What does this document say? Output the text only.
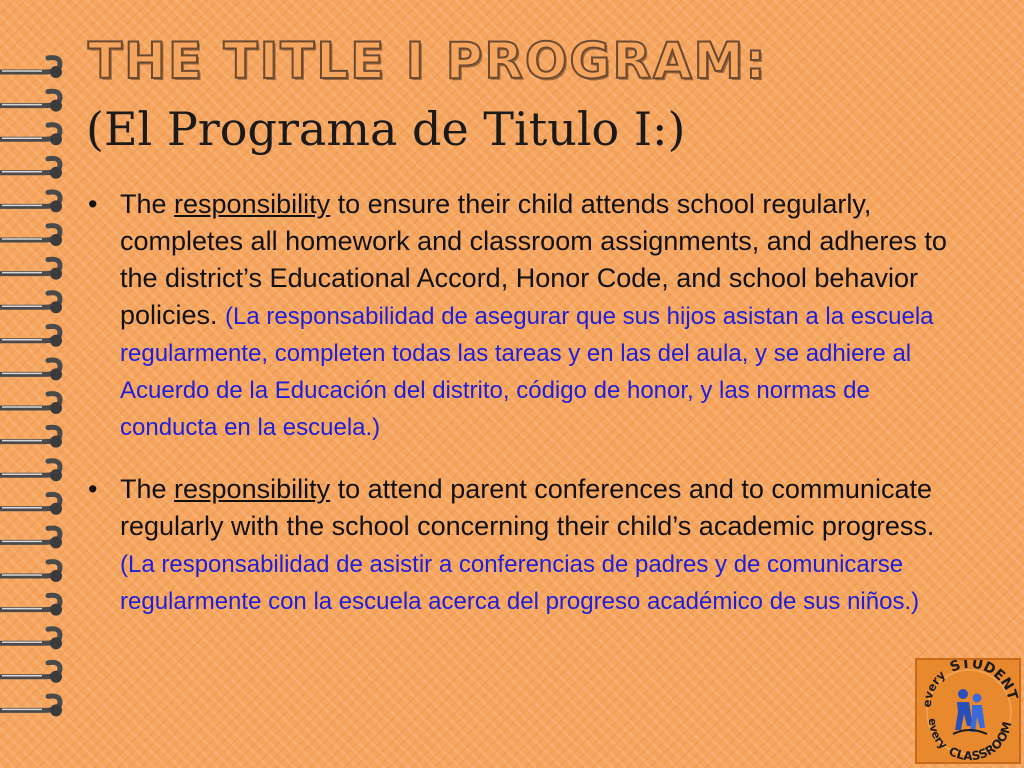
THE TITLE I PROGRAM:
(El Programa de Titulo I:)
• The responsibility to ensure their child attends school regularly, completes all homework and classroom assignments, and adheres to the district’s Educational Accord, Honor Code, and school behavior policies. (La responsabilidad de asegurar que sus hijos asistan a la escuela regularmente, completen todas las tareas y en las del aula, y se adhiere al Acuerdo de la Educación del distrito, código de honor, y las normas de conducta en la escuela.)
• The responsibility to attend parent conferences and to communicate regularly with the school concerning their child’s academic progress. (La responsabilidad de asistir a conferencias de padres y de comunicarse regularmente con la escuela acerca del progreso académico de sus niños.)
every STUDENT
every CLASSROOM
